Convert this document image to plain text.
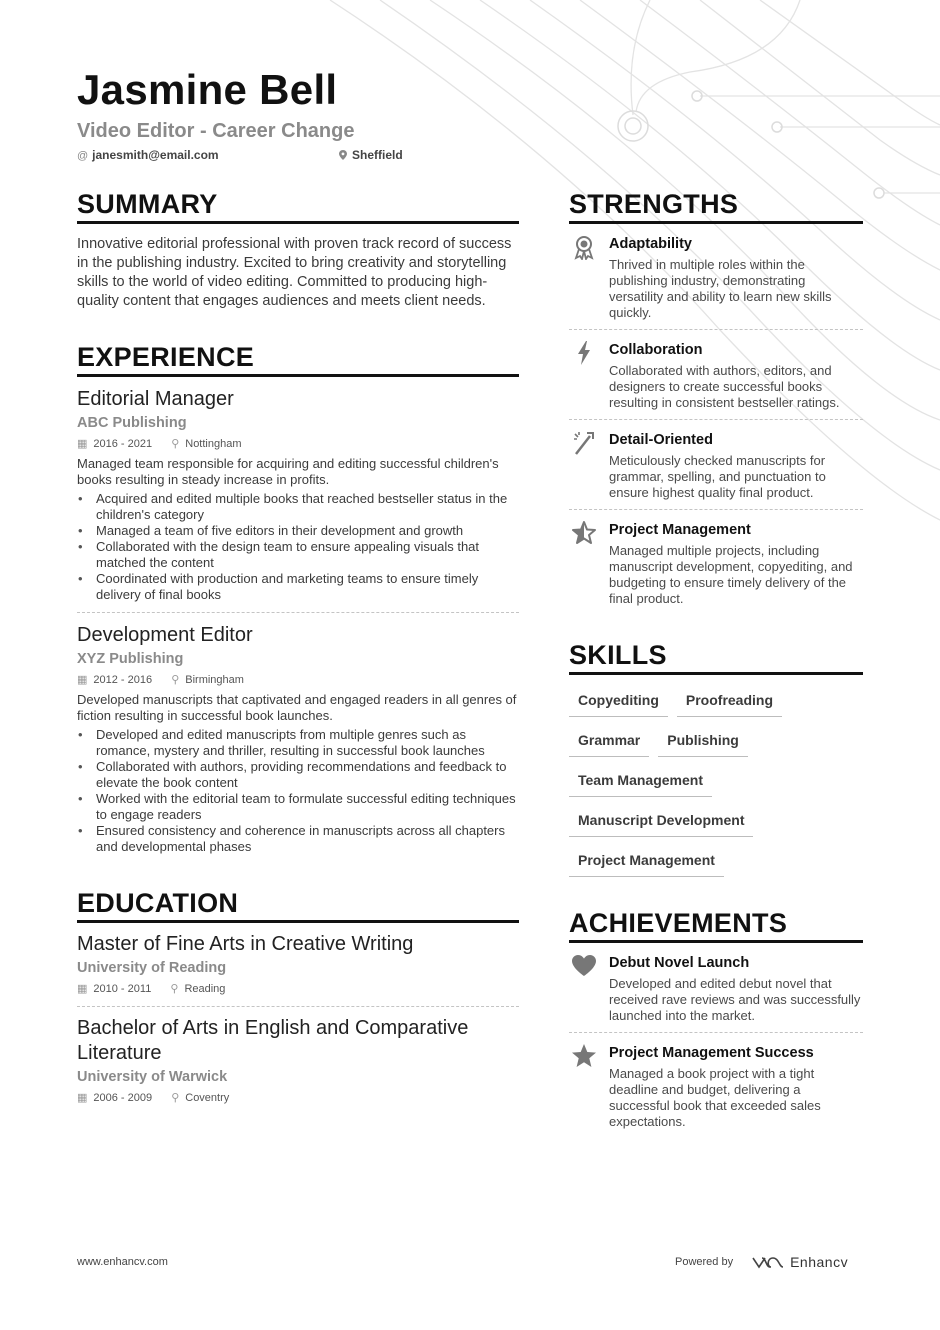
Jasmine Bell
Video Editor - Career Change
@ janesmith@email.com	Sheffield
SUMMARY
Innovative editorial professional with proven track record of success in the publishing industry. Excited to bring creativity and storytelling skills to the world of video editing. Committed to producing high-quality content that engages audiences and meets client needs.
EXPERIENCE
Editorial Manager
ABC Publishing
▦ 2016 - 2021 ⚲ Nottingham
Managed team responsible for acquiring and editing successful children's books resulting in steady increase in profits.
• Acquired and edited multiple books that reached bestseller status in the children's category
• Managed a team of five editors in their development and growth
• Collaborated with the design team to ensure appealing visuals that matched the content
• Coordinated with production and marketing teams to ensure timely delivery of final books
Development Editor
XYZ Publishing
▦ 2012 - 2016 ⚲ Birmingham
Developed manuscripts that captivated and engaged readers in all genres of fiction resulting in successful book launches.
• Developed and edited manuscripts from multiple genres such as romance, mystery and thriller, resulting in successful book launches
• Collaborated with authors, providing recommendations and feedback to elevate the book content
• Worked with the editorial team to formulate successful editing techniques to engage readers
• Ensured consistency and coherence in manuscripts across all chapters and developmental phases
EDUCATION
Master of Fine Arts in Creative Writing
University of Reading
▦ 2010 - 2011 ⚲ Reading
Bachelor of Arts in English and Comparative Literature
University of Warwick
▦ 2006 - 2009 ⚲ Coventry
STRENGTHS
Adaptability
Thrived in multiple roles within the publishing industry, demonstrating versatility and ability to learn new skills quickly.
Collaboration
Collaborated with authors, editors, and designers to create successful books resulting in consistent bestseller ratings.
Detail-Oriented
Meticulously checked manuscripts for grammar, spelling, and punctuation to ensure highest quality final product.
Project Management
Managed multiple projects, including manuscript development, copyediting, and budgeting to ensure timely delivery of the final product.
SKILLS
Copyediting	Proofreading
Grammar	Publishing
Team Management
Manuscript Development
Project Management
ACHIEVEMENTS
Debut Novel Launch
Developed and edited debut novel that received rave reviews and was successfully launched into the market.
Project Management Success
Managed a book project with a tight deadline and budget, delivering a successful book that exceeded sales expectations.
www.enhancv.com	Powered by	Enhancv
